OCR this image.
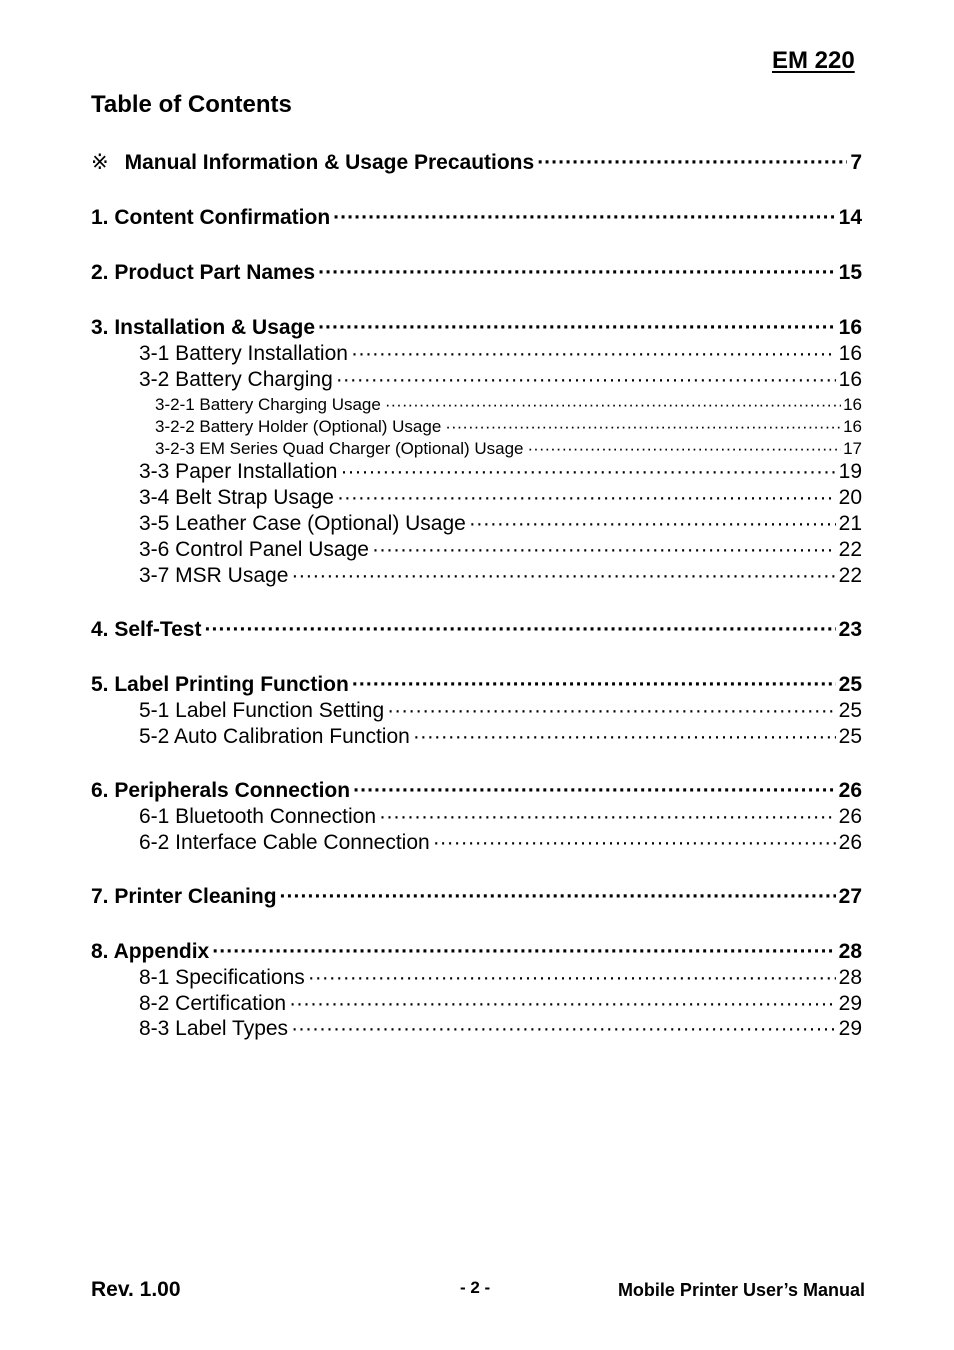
EM 220
Table of Contents
※ Manual Information & Usage Precautions ·····	7
1. Content Confirmation ·····	14
2. Product Part Names ·····	15
3. Installation & Usage ·····	16
3-1 Battery Installation ·····	16
3-2 Battery Charging ·····	16
3-2-1 Battery Charging Usage ·····	16
3-2-2 Battery Holder (Optional) Usage ·····	16
3-2-3 EM Series Quad Charger (Optional) Usage ·····	17
3-3 Paper Installation ·····	19
3-4 Belt Strap Usage ·····	20
3-5 Leather Case (Optional) Usage ·····	21
3-6 Control Panel Usage ·····	22
3-7 MSR Usage ·····	22
4. Self-Test ·····	23
5. Label Printing Function ·····	25
5-1 Label Function Setting ·····	25
5-2 Auto Calibration Function ·····	25
6. Peripherals Connection ·····	26
6-1 Bluetooth Connection ·····	26
6-2 Interface Cable Connection ·····	26
7. Printer Cleaning ·····	27
8. Appendix ·····	28
8-1 Specifications ·····	28
8-2 Certification ·····	29
8-3 Label Types ·····	29
Rev. 1.00	- 2 -	Mobile Printer User’s Manual
